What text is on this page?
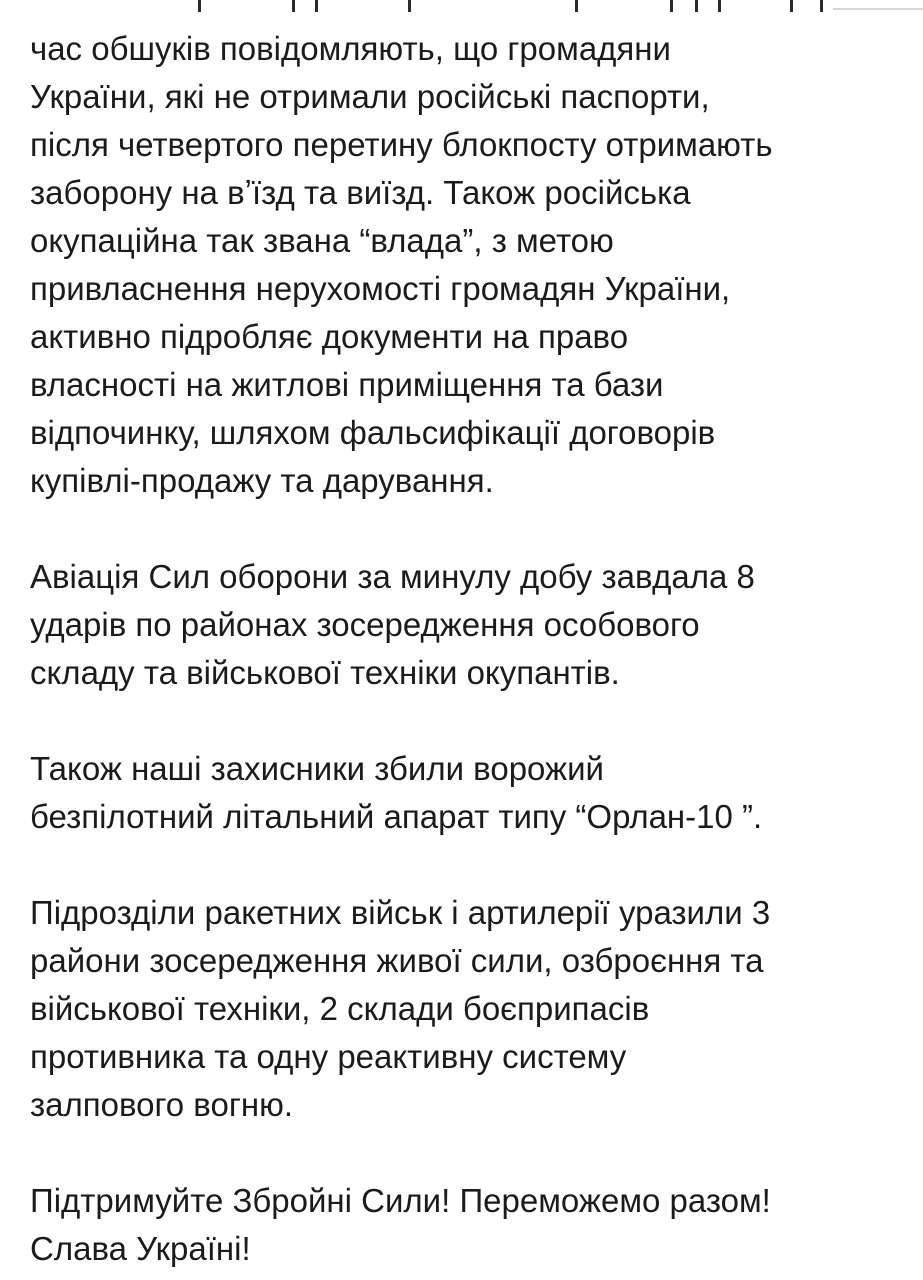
час обшуків повідомляють, що громадяни
України, які не отримали російські паспорти,
після четвертого перетину блокпосту отримають
заборону на вʼїзд та виїзд. Також російська
окупаційна так звана “влада”, з метою
привласнення нерухомості громадян України,
активно підробляє документи на право
власності на житлові приміщення та бази
відпочинку, шляхом фальсифікації договорів
купівлі-продажу та дарування.

Авіація Сил оборони за минулу добу завдала 8
ударів по районах зосередження особового
складу та військової техніки окупантів.

Також наші захисники збили ворожий
безпілотний літальний апарат типу “Орлан-10 ”.

Підрозділи ракетних військ і артилерії уразили 3
райони зосередження живої сили, озброєння та
військової техніки, 2 склади боєприпасів
противника та одну реактивну систему
залпового вогню.

Підтримуйте Збройні Сили! Переможемо разом!
Слава Україні!
